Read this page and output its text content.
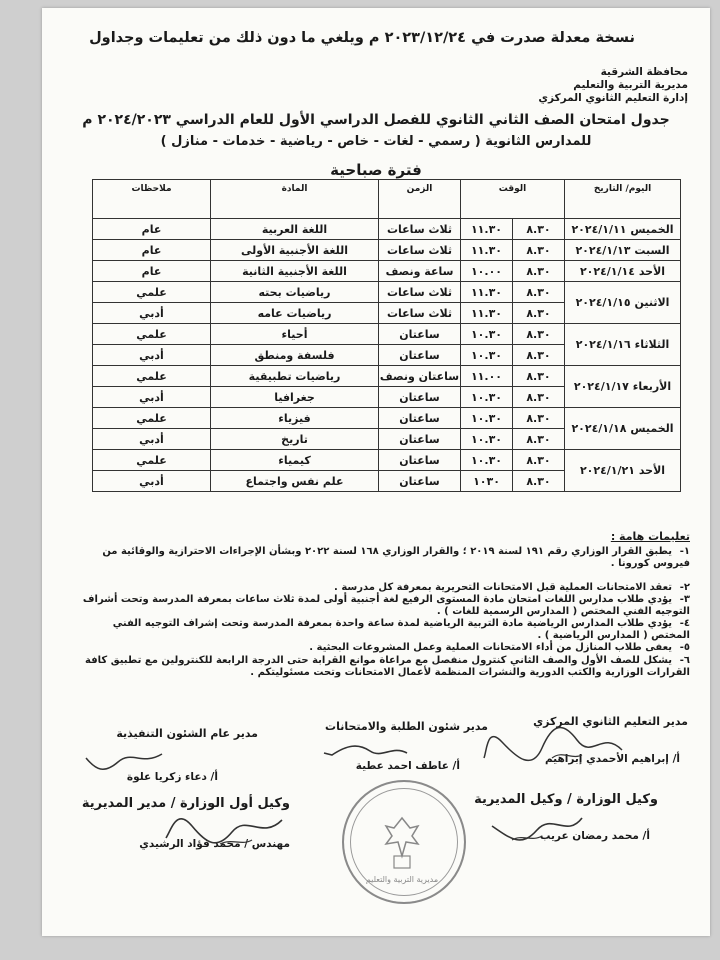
نسخة معدلة صدرت في ٢٠٢٣/١٢/٢٤ م ويلغي ما دون ذلك من تعليمات وجداول
محافظة الشرقية
مديرية التربية والتعليم
إدارة التعليم الثانوي المركزي
جدول امتحان الصف الثاني الثانوي للفصل الدراسي الأول للعام الدراسي ٢٠٢٤/٢٠٢٣ م
للمدارس الثانوية ( رسمي - لغات - خاص - رياضية - خدمات - منازل )
فترة صباحية
اليوم/ التاريخ	الوقت		الزمن	المادة	ملاحظات
الخميس ٢٠٢٤/١/١١	٨.٣٠	١١.٣٠	ثلاث ساعات	اللغة العربية	عام
السبت ٢٠٢٤/١/١٣	٨.٣٠	١١.٣٠	ثلاث ساعات	اللغة الأجنبية الأولى	عام
الأحد ٢٠٢٤/١/١٤	٨.٣٠	١٠.٠٠	ساعة ونصف	اللغة الأجنبية الثانية	عام
الاثنين ٢٠٢٤/١/١٥	٨.٣٠	١١.٣٠	ثلاث ساعات	رياضيات بحته	علمي
	٨.٣٠	١١.٣٠	ثلاث ساعات	رياضيات عامه	أدبي
الثلاثاء ٢٠٢٤/١/١٦	٨.٣٠	١٠.٣٠	ساعتان	أحياء	علمي
	٨.٣٠	١٠.٣٠	ساعتان	فلسفة ومنطق	أدبي
الأربعاء ٢٠٢٤/١/١٧	٨.٣٠	١١.٠٠	ساعتان ونصف	رياضيات تطبيقية	علمي
	٨.٣٠	١٠.٣٠	ساعتان	جغرافيا	أدبي
الخميس ٢٠٢٤/١/١٨	٨.٣٠	١٠.٣٠	ساعتان	فيزياء	علمي
	٨.٣٠	١٠.٣٠	ساعتان	تاريخ	أدبي
الأحد ٢٠٢٤/١/٢١	٨.٣٠	١٠.٣٠	ساعتان	كيمياء	علمي
	٨.٣٠	١٠٣٠	ساعتان	علم نفس واجتماع	أدبي
تعليمات هامة :
١-يطبق القرار الوزاري رقم ١٩١ لسنة ٢٠١٩ ؛ والقرار الوزاري ١٦٨ لسنة ٢٠٢٢ وبشأن الإجراءات الاحترازية والوقائية من فيروس كورونا .
٢-تعقد الامتحانات العملية قبل الامتحانات التحريرية بمعرفة كل مدرسة .
٣-يؤدي طلاب مدارس اللغات امتحان مادة المستوى الرفيع لغة أجنبية أولى لمدة ثلاث ساعات بمعرفة المدرسة وتحت أشراف التوجيه الفني المختص ( المدارس الرسمية للغات ) .
٤-يؤدي طلاب المدارس الرياضية مادة التربية الرياضية لمدة ساعة واحدة بمعرفة المدرسة وتحت إشراف التوجيه الفني المختص ( المدارس الرياضية ) .
٥-يعفى طلاب المنازل من أداء الامتحانات العملية وعمل المشروعات البحثية .
٦-يشكل للصف الأول والصف الثاني كنترول منفصل مع مراعاة موانع القرابة حتى الدرجة الرابعة للكنترولين مع تطبيق كافة القرارات الوزارية والكتب الدورية والنشرات المنظمة لأعمال الامتحانات وتحت مسئوليتكم .
مدير التعليم الثانوي المركزي
أ/ إبراهيم الأحمدي إبراهيم
مدير شئون الطلبة والامتحانات
أ/ عاطف احمد عطية
مدير عام الشئون التنفيذية
أ/ دعاء زكريا علوة
وكيل الوزارة / وكيل المديرية
أ/ محمد رمضان عريب
وكيل أول الوزارة / مدير المديرية
مهندس / محمد فؤاد الرشيدي
مديرية التربية والتعليم
